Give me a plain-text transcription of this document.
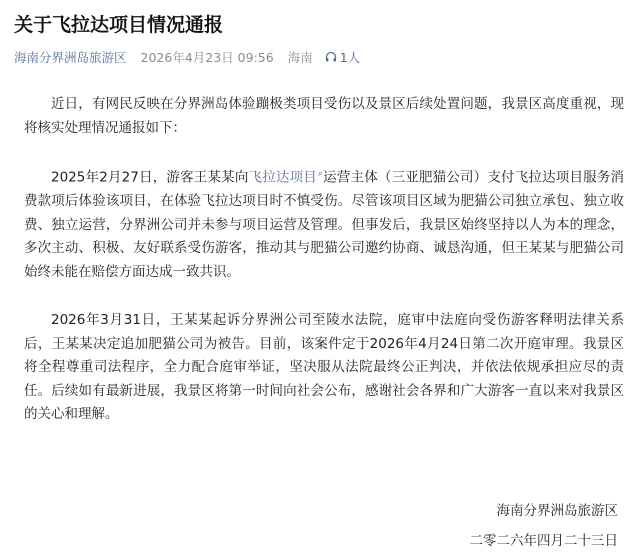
关于飞拉达项目情况通报
海南分界洲岛旅游区 2026年4月23日 09:56 海南 1人
近日，有网民反映在分界洲岛体验蹦极类项目受伤以及景区后续处置问题，我景区高度重视，现将核实处理情况通报如下：
2025年2月27日，游客王某某向飞拉达项目⌕运营主体（三亚肥猫公司）支付飞拉达项目服务消费款项后体验该项目，在体验飞拉达项目时不慎受伤。尽管该项目区域为肥猫公司独立承包、独立收费、独立运营，分界洲公司并未参与项目运营及管理。但事发后，我景区始终坚持以人为本的理念，多次主动、积极、友好联系受伤游客，推动其与肥猫公司邀约协商、诚恳沟通，但王某某与肥猫公司始终未能在赔偿方面达成一致共识。
2026年3月31日，王某某起诉分界洲公司至陵水法院，庭审中法庭向受伤游客释明法律关系后，王某某决定追加肥猫公司为被告。目前，该案件定于2026年4月24日第二次开庭审理。我景区将全程尊重司法程序，全力配合庭审举证，坚决服从法院最终公正判决，并依法依规承担应尽的责任。后续如有最新进展，我景区将第一时间向社会公布，感谢社会各界和广大游客一直以来对我景区的关心和理解。
海南分界洲岛旅游区
二零二六年四月二十三日
